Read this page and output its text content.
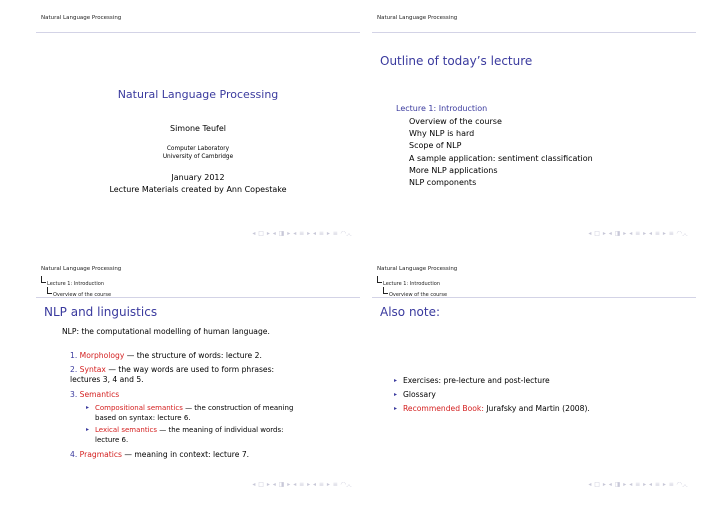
Natural Language Processing
Natural Language Processing
Simone Teufel
Computer Laboratory
University of Cambridge
January 2012
Lecture Materials created by Ann Copestake
◂ □ ▸ ◂ ◨ ▸ ◂ ≡ ▸ ◂ ≡ ▸ ≡ ◜◝◞◟
Natural Language Processing
Outline of today’s lecture
Lecture 1: Introduction
Overview of the course
Why NLP is hard
Scope of NLP
A sample application: sentiment classification
More NLP applications
NLP components
◂ □ ▸ ◂ ◨ ▸ ◂ ≡ ▸ ◂ ≡ ▸ ≡ ◜◝◞◟
Natural Language Processing
Lecture 1: Introduction
Overview of the course
NLP and linguistics
NLP: the computational modelling of human language.
1. Morphology — the structure of words: lecture 2.
2. Syntax — the way words are used to form phrases:
lectures 3, 4 and 5.
3. Semantics
▸ Compositional semantics — the construction of meaning
based on syntax: lecture 6.
▸ Lexical semantics — the meaning of individual words:
lecture 6.
4. Pragmatics — meaning in context: lecture 7.
◂ □ ▸ ◂ ◨ ▸ ◂ ≡ ▸ ◂ ≡ ▸ ≡ ◜◝◞◟
Natural Language Processing
Lecture 1: Introduction
Overview of the course
Also note:
▸ Exercises: pre-lecture and post-lecture
▸ Glossary
▸ Recommended Book: Jurafsky and Martin (2008).
◂ □ ▸ ◂ ◨ ▸ ◂ ≡ ▸ ◂ ≡ ▸ ≡ ◜◝◞◟
